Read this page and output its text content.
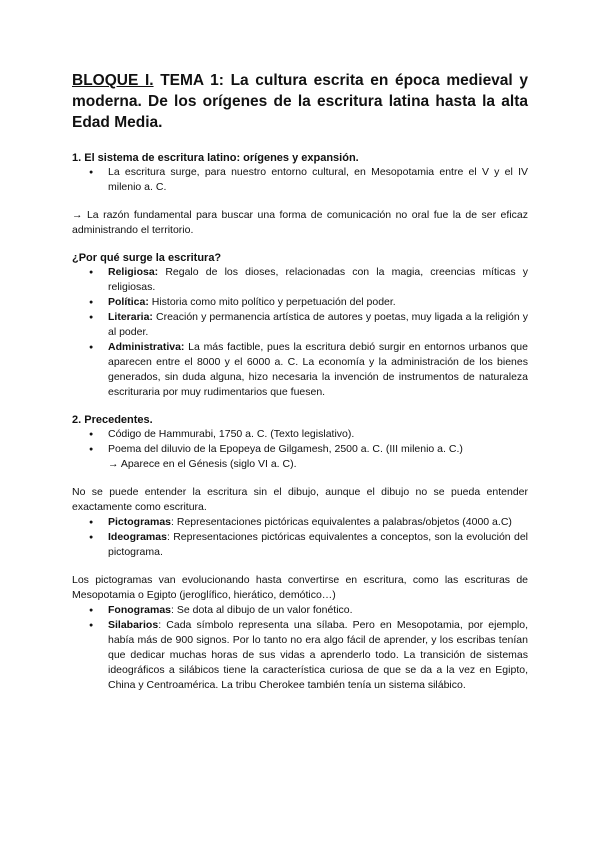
BLOQUE I. TEMA 1: La cultura escrita en época medieval y moderna. De los orígenes de la escritura latina hasta la alta Edad Media.
1. El sistema de escritura latino: orígenes y expansión.
● La escritura surge, para nuestro entorno cultural, en Mesopotamia entre el V y el IV milenio a. C.

→ La razón fundamental para buscar una forma de comunicación no oral fue la de ser eficaz administrando el territorio.

¿Por qué surge la escritura?
● Religiosa: Regalo de los dioses, relacionadas con la magia, creencias míticas y religiosas.
● Política: Historia como mito político y perpetuación del poder.
● Literaria: Creación y permanencia artística de autores y poetas, muy ligada a la religión y al poder.
● Administrativa: La más factible, pues la escritura debió surgir en entornos urbanos que aparecen entre el 8000 y el 6000 a. C. La economía y la administración de los bienes generados, sin duda alguna, hizo necesaria la invención de instrumentos de naturaleza escrituraria por muy rudimentarios que fuesen.
2. Precedentes.
● Código de Hammurabi, 1750 a. C. (Texto legislativo).
● Poema del diluvio de la Epopeya de Gilgamesh, 2500 a. C. (III milenio a. C.)
→ Aparece en el Génesis (siglo VI a. C).

No se puede entender la escritura sin el dibujo, aunque el dibujo no se pueda entender exactamente como escritura.

● Pictogramas: Representaciones pictóricas equivalentes a palabras/objetos (4000 a.C)
● Ideogramas: Representaciones pictóricas equivalentes a conceptos, son la evolución del pictograma.

Los pictogramas van evolucionando hasta convertirse en escritura, como las escrituras de Mesopotamia o Egipto (jeroglífico, hierático, demótico…)

● Fonogramas: Se dota al dibujo de un valor fonético.
● Silabarios: Cada símbolo representa una sílaba. Pero en Mesopotamia, por ejemplo, había más de 900 signos. Por lo tanto no era algo fácil de aprender, y los escribas tenían que dedicar muchas horas de sus vidas a aprenderlo todo. La transición de sistemas ideográficos a silábicos tiene la característica curiosa de que se da a la vez en Egipto, China y Centroamérica. La tribu Cherokee también tenía un sistema silábico.
